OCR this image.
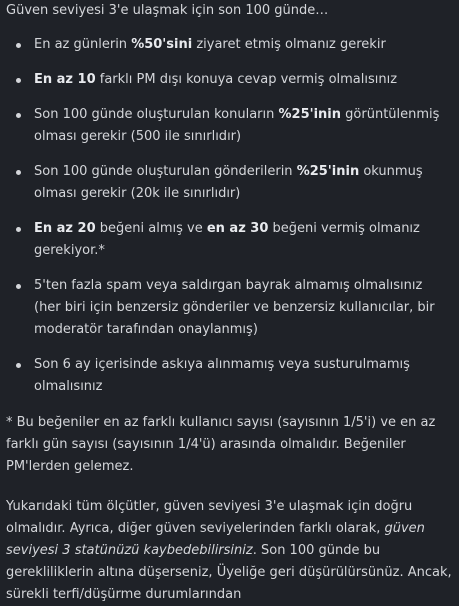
Güven seviyesi 3'e ulaşmak için son 100 günde…

En az günlerin %50'sini ziyaret etmiş olmanız gerekir
En az 10 farklı PM dışı konuya cevap vermiş olmalısınız
Son 100 günde oluşturulan konuların %25'inin görüntülenmiş olması gerekir (500 ile sınırlıdır)
Son 100 günde oluşturulan gönderilerin %25'inin okunmuş olması gerekir (20k ile sınırlıdır)
En az 20 beğeni almış ve en az 30 beğeni vermiş olmanız gerekiyor.*
5'ten fazla spam veya saldırgan bayrak almamış olmalısınız (her biri için benzersiz gönderiler ve benzersiz kullanıcılar, bir moderatör tarafından onaylanmış)
Son 6 ay içerisinde askıya alınmamış veya susturulmamış olmalısınız

* Bu beğeniler en az farklı kullanıcı sayısı (sayısının 1/5'i) ve en az farklı gün sayısı (sayısının 1/4'ü) arasında olmalıdır. Beğeniler PM'lerden gelemez.

Yukarıdaki tüm ölçütler, güven seviyesi 3'e ulaşmak için doğru olmalıdır. Ayrıca, diğer güven seviyelerinden farklı olarak, güven seviyesi 3 statünüzü kaybedebilirsiniz. Son 100 günde bu gerekliliklerin altına düşerseniz, Üyeliğe geri düşürülürsünüz. Ancak, sürekli terfi/düşürme durumlarından
